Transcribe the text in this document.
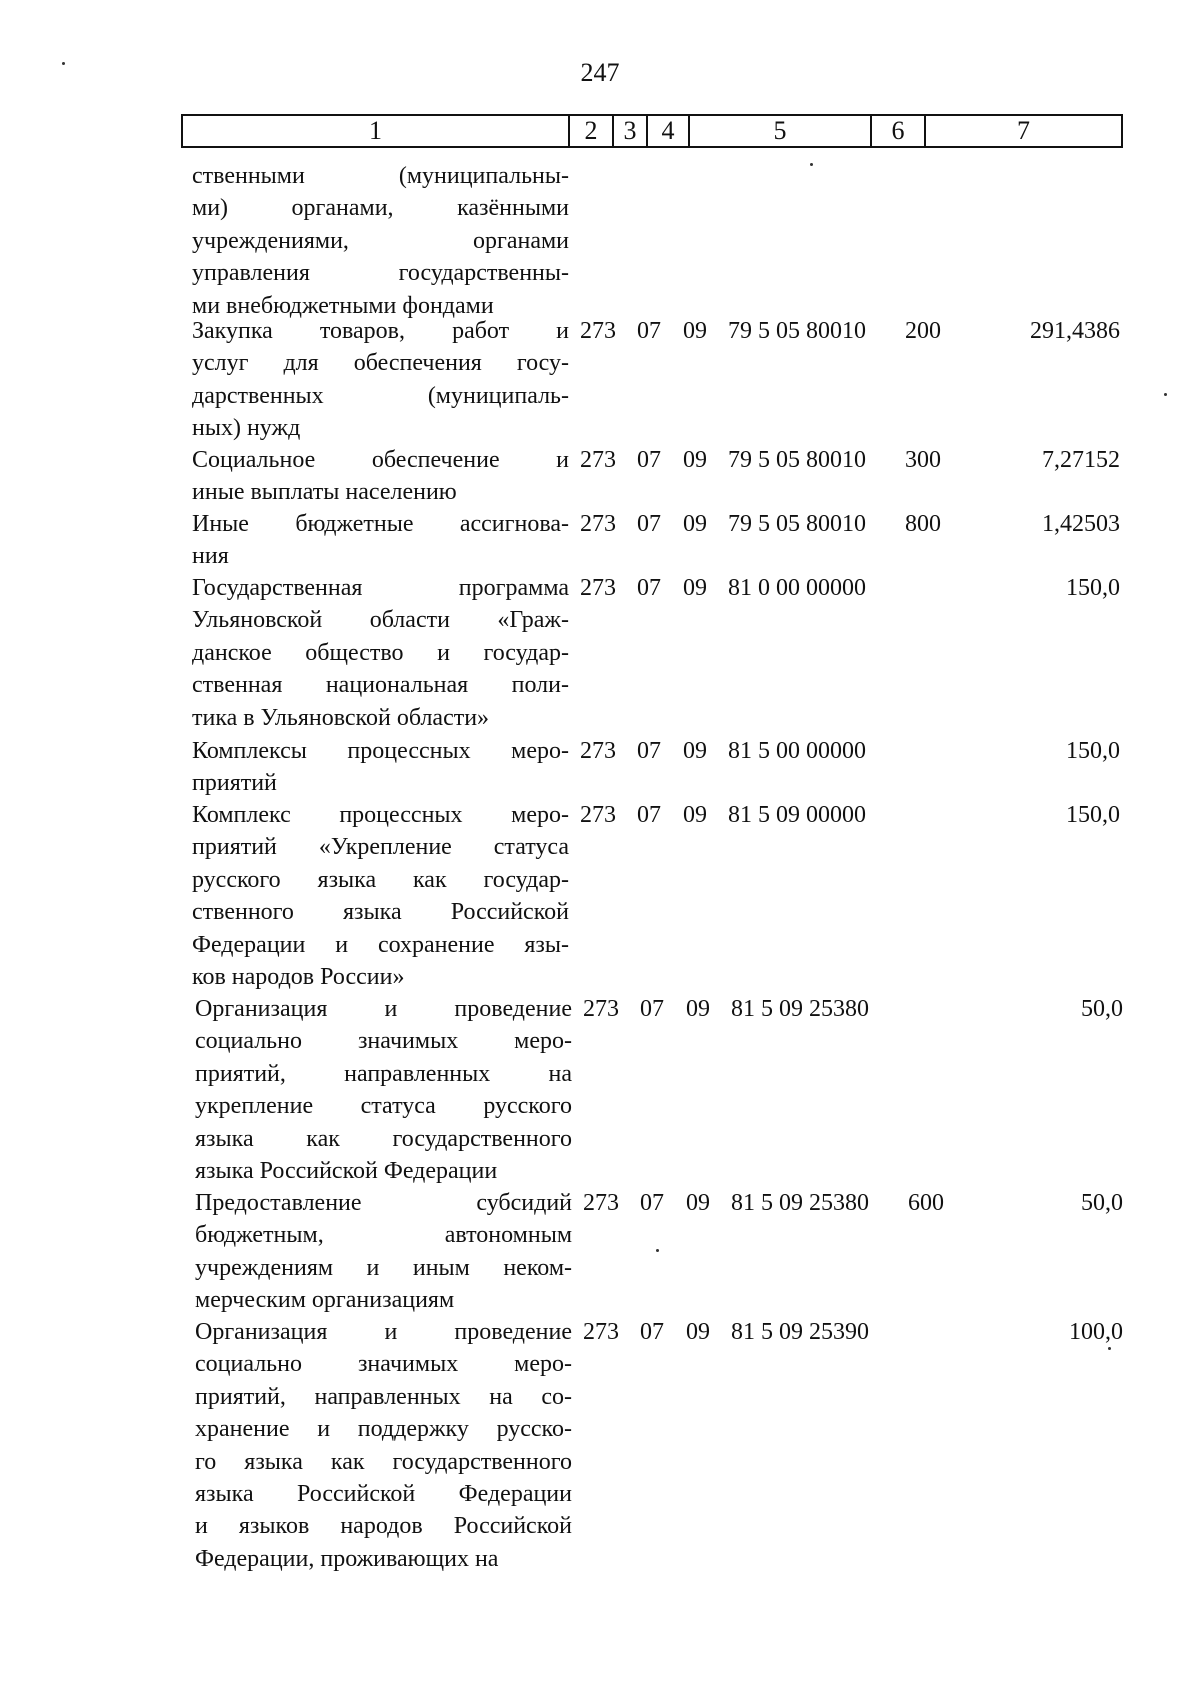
247
1	2	3	4	5	6	7
ственными (муниципальны-
ми) органами, казёнными
учреждениями, органами
управления государственны-
ми внебюджетными фондами
Закупка товаров, работ и
услуг для обеспечения госу-
дарственных (муниципаль-
ных) нужд
273 07 09 79 5 05 80010 200	291,4386
Социальное обеспечение и
иные выплаты населению
273 07 09 79 5 05 80010 300	7,27152
Иные бюджетные ассигнова-
ния
273 07 09 79 5 05 80010 800	1,42503
Государственная программа
Ульяновской области «Граж-
данское общество и государ-
ственная национальная поли-
тика в Ульяновской области»
273 07 09 81 0 00 00000	150,0
Комплексы процессных меро-
приятий
273 07 09 81 5 00 00000	150,0
Комплекс процессных меро-
приятий «Укрепление статуса
русского языка как государ-
ственного языка Российской
Федерации и сохранение язы-
ков народов России»
273 07 09 81 5 09 00000	150,0
Организация и проведение
социально значимых меро-
приятий, направленных на
укрепление статуса русского
языка как государственного
языка Российской Федерации
273 07 09 81 5 09 25380	50,0
Предоставление субсидий
бюджетным, автономным
учреждениям и иным неком-
мерческим организациям
273 07 09 81 5 09 25380 600	50,0
Организация и проведение
социально значимых меро-
приятий, направленных на со-
хранение и поддержку русско-
го языка как государственного
языка Российской Федерации
и языков народов Российской
Федерации, проживающих на
273 07 09 81 5 09 25390	100,0
